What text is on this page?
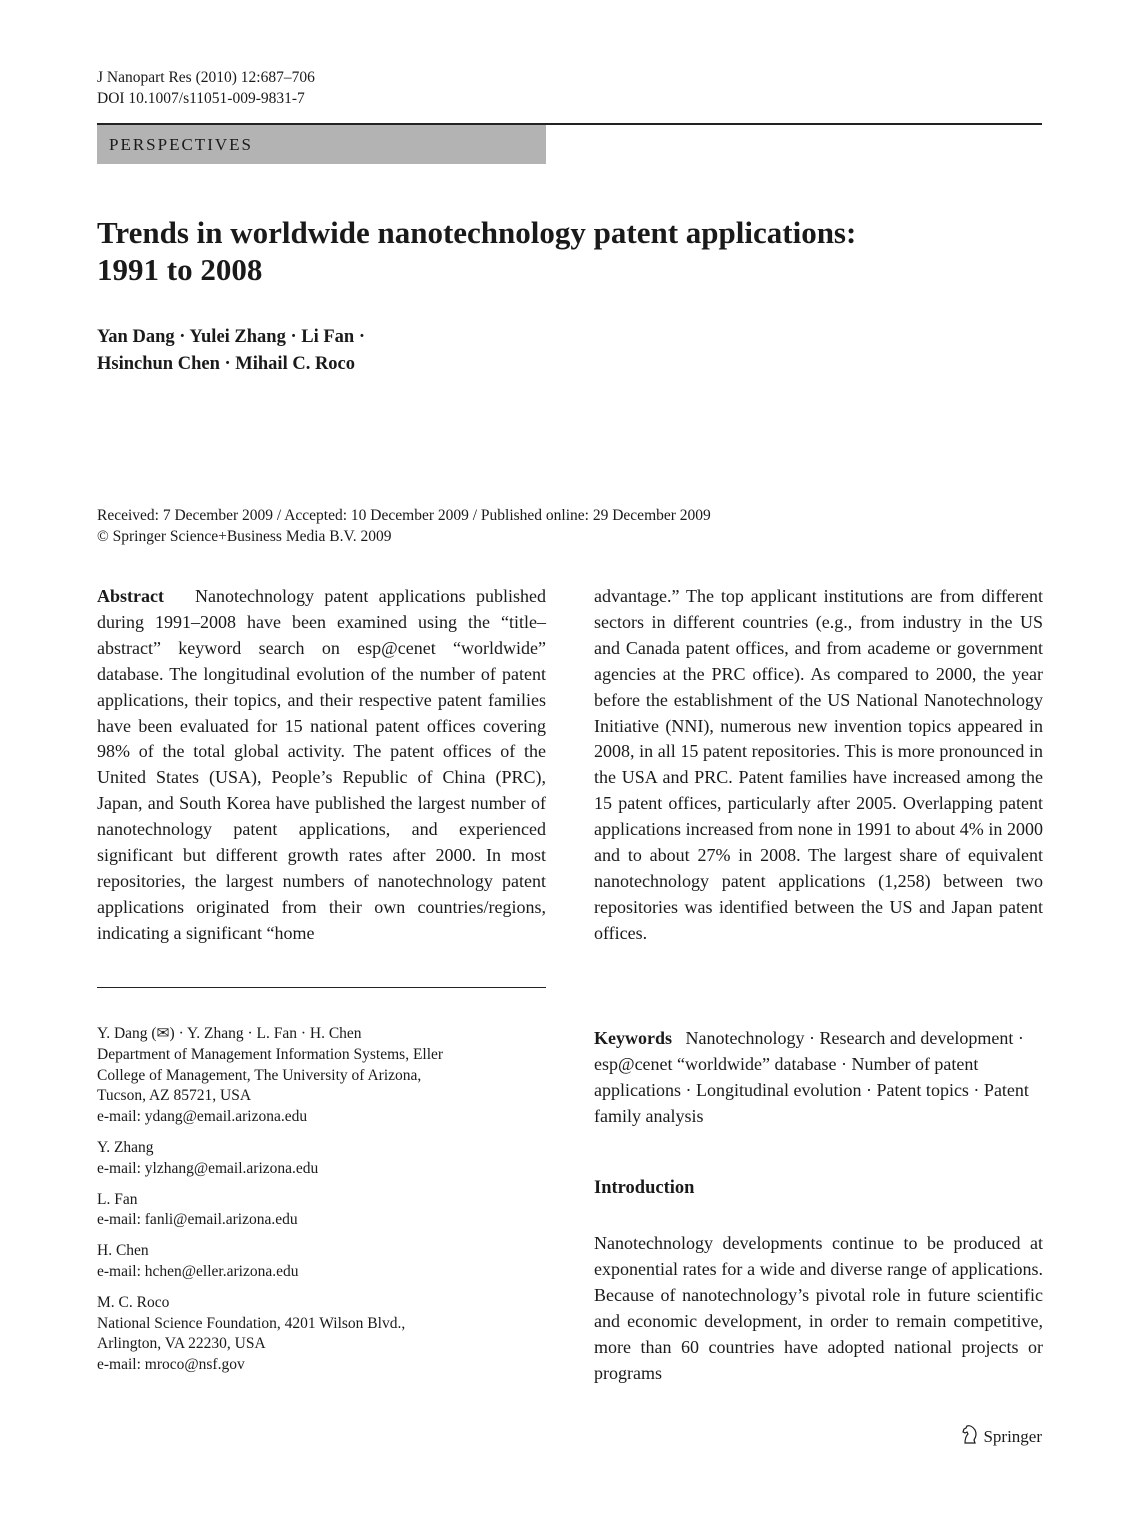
J Nanopart Res (2010) 12:687–706
DOI 10.1007/s11051-009-9831-7
PERSPECTIVES
Trends in worldwide nanotechnology patent applications:
1991 to 2008
Yan Dang · Yulei Zhang · Li Fan ·
Hsinchun Chen · Mihail C. Roco
Received: 7 December 2009 / Accepted: 10 December 2009 / Published online: 29 December 2009
© Springer Science+Business Media B.V. 2009
Abstract Nanotechnology patent applications published during 1991–2008 have been examined using the “title–abstract” keyword search on esp@cenet “worldwide” database. The longitudinal evolution of the number of patent applications, their topics, and their respective patent families have been evaluated for 15 national patent offices covering 98% of the total global activity. The patent offices of the United States (USA), People’s Republic of China (PRC), Japan, and South Korea have published the largest number of nanotechnology patent applications, and experienced significant but different growth rates after 2000. In most repositories, the largest numbers of nanotechnology patent applications originated from their own countries/regions, indicating a significant “home
advantage.” The top applicant institutions are from different sectors in different countries (e.g., from industry in the US and Canada patent offices, and from academe or government agencies at the PRC office). As compared to 2000, the year before the establishment of the US National Nanotechnology Initiative (NNI), numerous new invention topics appeared in 2008, in all 15 patent repositories. This is more pronounced in the USA and PRC. Patent families have increased among the 15 patent offices, particularly after 2005. Overlapping patent applications increased from none in 1991 to about 4% in 2000 and to about 27% in 2008. The largest share of equivalent nanotechnology patent applications (1,258) between two repositories was identified between the US and Japan patent offices.

Y. Dang (✉) · Y. Zhang · L. Fan · H. Chen
Department of Management Information Systems, Eller
College of Management, The University of Arizona,
Tucson, AZ 85721, USA
e-mail: ydang@email.arizona.edu

Y. Zhang
e-mail: ylzhang@email.arizona.edu

L. Fan
e-mail: fanli@email.arizona.edu

H. Chen
e-mail: hchen@eller.arizona.edu

M. C. Roco
National Science Foundation, 4201 Wilson Blvd.,
Arlington, VA 22230, USA
e-mail: mroco@nsf.gov

Keywords Nanotechnology · Research and development · esp@cenet “worldwide” database · Number of patent applications · Longitudinal evolution · Patent topics · Patent family analysis
Introduction
Nanotechnology developments continue to be produced at exponential rates for a wide and diverse range of applications. Because of nanotechnology’s pivotal role in future scientific and economic development, in order to remain competitive, more than 60 countries have adopted national projects or programs
Springer
